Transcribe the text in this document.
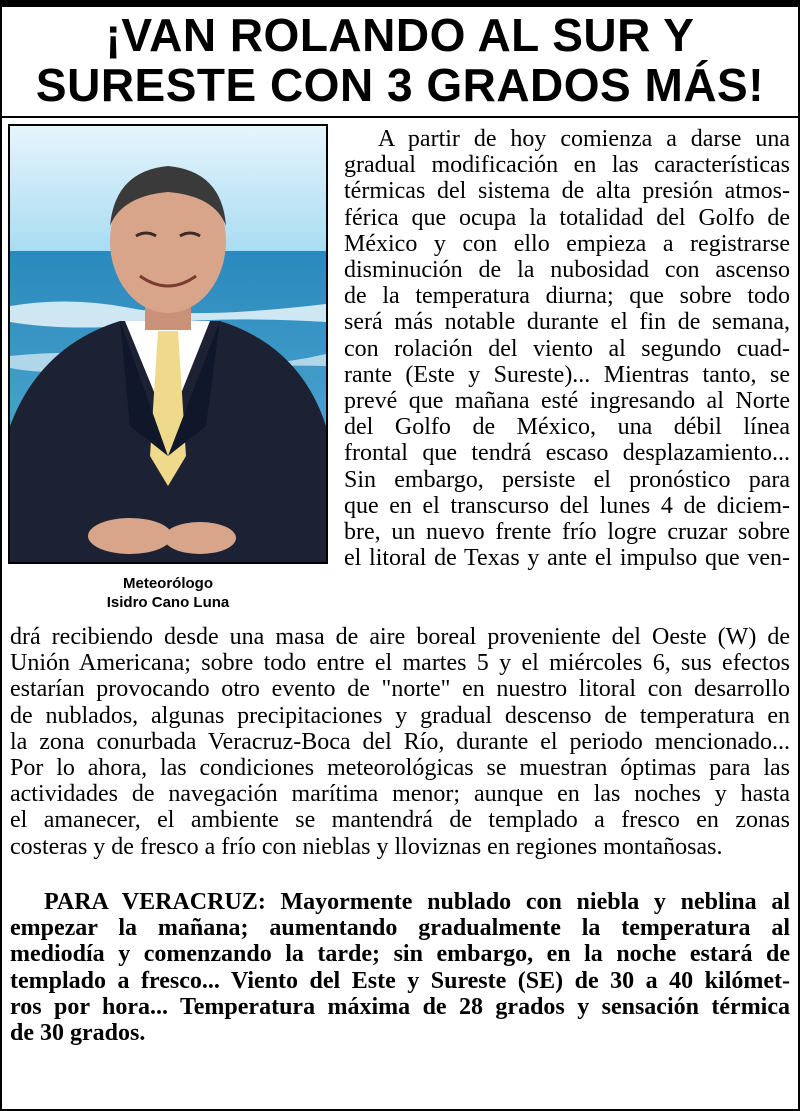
¡VAN ROLANDO AL SUR Y
SURESTE CON 3 GRADOS MÁS!
Meteorólogo
Isidro Cano Luna
A partir de hoy comienza a darse una
gradual modificación en las características
térmicas del sistema de alta presión atmos-
férica que ocupa la totalidad del Golfo de
México y con ello empieza a registrarse
disminución de la nubosidad con ascenso
de la temperatura diurna; que sobre todo
será más notable durante el fin de semana,
con rolación del viento al segundo cuad-
rante (Este y Sureste)... Mientras tanto, se
prevé que mañana esté ingresando al Norte
del Golfo de México, una débil línea
frontal que tendrá escaso desplazamiento...
Sin embargo, persiste el pronóstico para
que en el transcurso del lunes 4 de diciem-
bre, un nuevo frente frío logre cruzar sobre
el litoral de Texas y ante el impulso que ven-
drá recibiendo desde una masa de aire boreal proveniente del Oeste (W) de
Unión Americana; sobre todo entre el martes 5 y el miércoles 6, sus efectos
estarían provocando otro evento de "norte" en nuestro litoral con desarrollo
de nublados, algunas precipitaciones y gradual descenso de temperatura en
la zona conurbada Veracruz-Boca del Río, durante el periodo mencionado...
Por lo ahora, las condiciones meteorológicas se muestran óptimas para las
actividades de navegación marítima menor; aunque en las noches y hasta
el amanecer, el ambiente se mantendrá de templado a fresco en zonas
costeras y de fresco a frío con nieblas y lloviznas en regiones montañosas.
PARA VERACRUZ: Mayormente nublado con niebla y neblina al
empezar la mañana; aumentando gradualmente la temperatura al
mediodía y comenzando la tarde; sin embargo, en la noche estará de
templado a fresco... Viento del Este y Sureste (SE) de 30 a 40 kilómet-
ros por hora... Temperatura máxima de 28 grados y sensación térmica
de 30 grados.
